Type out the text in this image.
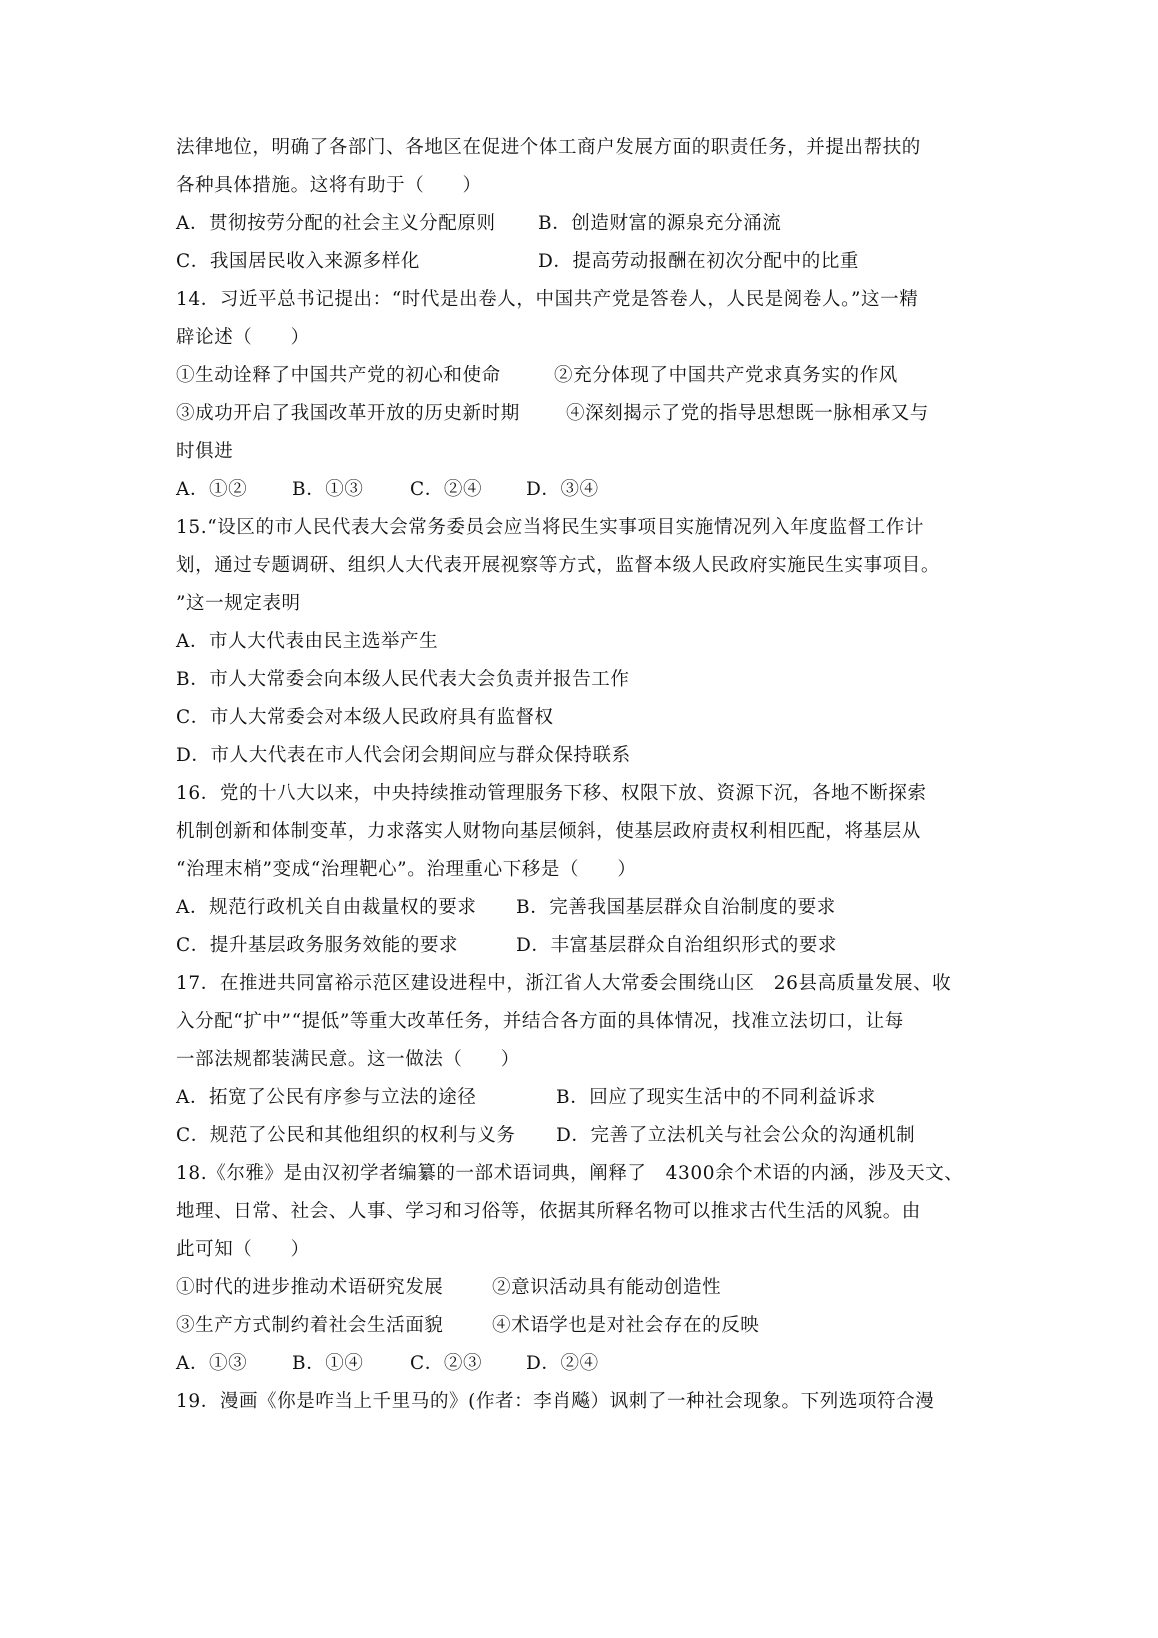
法律地位，明确了各部门、各地区在促进个体工商户发展方面的职责任务，并提出帮扶的
各种具体措施。这将有助于（　　）
A．贯彻按劳分配的社会主义分配原则 B．创造财富的源泉充分涌流
C．我国居民收入来源多样化	D．提高劳动报酬在初次分配中的比重
14．习近平总书记提出：“时代是出卷人，中国共产党是答卷人，人民是阅卷人。”这一精
辟论述（　　）
①生动诠释了中国共产党的初心和使命	②充分体现了中国共产党求真务实的作风
③成功开启了我国改革开放的历史新时期 ④深刻揭示了党的指导思想既一脉相承又与
时俱进
A．①② B．①③	C．②④ D．③④
15.“设区的市人民代表大会常务委员会应当将民生实事项目实施情况列入年度监督工作计
划，通过专题调研、组织人大代表开展视察等方式，监督本级人民政府实施民生实事项目。
”这一规定表明
A．市人大代表由民主选举产生
B．市人大常委会向本级人民代表大会负责并报告工作
C．市人大常委会对本级人民政府具有监督权
D．市人大代表在市人代会闭会期间应与群众保持联系
16．党的十八大以来，中央持续推动管理服务下移、权限下放、资源下沉，各地不断探索
机制创新和体制变革，力求落实人财物向基层倾斜，使基层政府责权利相匹配，将基层从
“治理末梢”变成“治理靶心”。治理重心下移是（　　）
A．规范行政机关自由裁量权的要求 B．完善我国基层群众自治制度的要求
C．提升基层政务服务效能的要求	D．丰富基层群众自治组织形式的要求
17．在推进共同富裕示范区建设进程中，浙江省人大常委会围绕山区　26县高质量发展、收
入分配“扩中”“提低”等重大改革任务，并结合各方面的具体情况，找准立法切口，让每
一部法规都装满民意。这一做法（　　）
A．拓宽了公民有序参与立法的途径	B．回应了现实生活中的不同利益诉求
C．规范了公民和其他组织的权利与义务 D．完善了立法机关与社会公众的沟通机制
18.《尔雅》是由汉初学者编纂的一部术语词典，阐释了　4300余个术语的内涵，涉及天文、
地理、日常、社会、人事、学习和习俗等，依据其所释名物可以推求古代生活的风貌。由
此可知（　　）
①时代的进步推动术语研究发展	②意识活动具有能动创造性
③生产方式制约着社会生活面貌	④术语学也是对社会存在的反映
A．①③ B．①④	C．②③ D．②④
19．漫画《你是咋当上千里马的》(作者：李肖飚）讽刺了一种社会现象。下列选项符合漫
